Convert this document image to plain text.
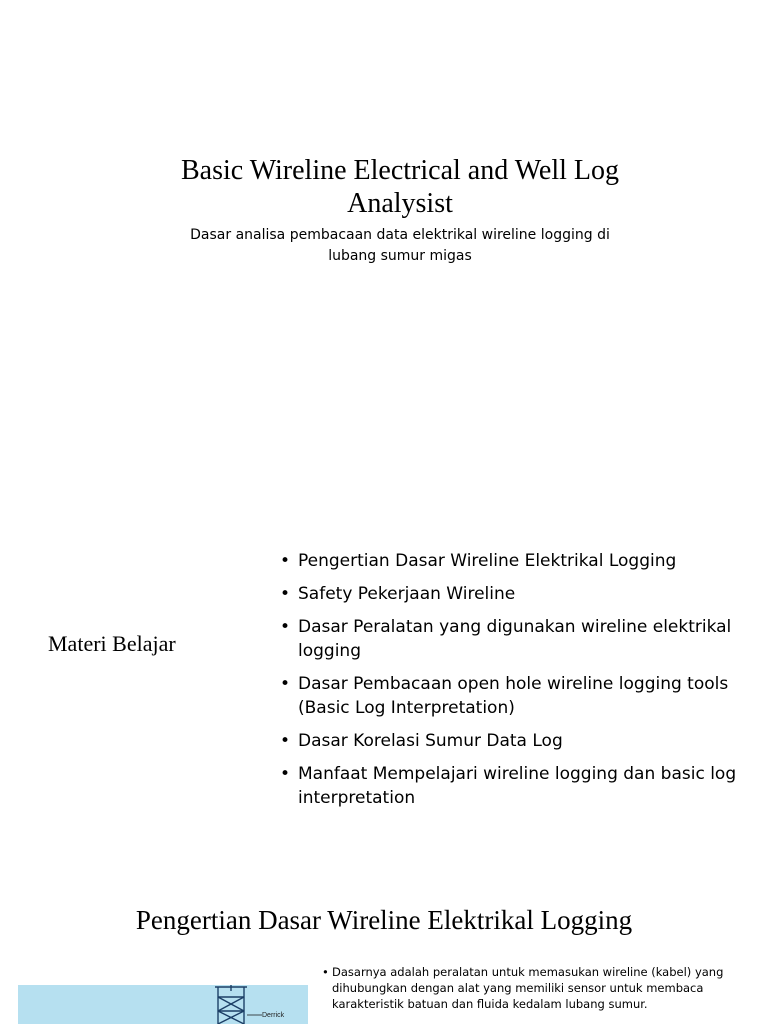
Basic Wireline Electrical and Well Log Analysist
Dasar analisa pembacaan data elektrikal wireline logging di lubang sumur migas
Materi Belajar
• Pengertian Dasar Wireline Elektrikal Logging
• Safety Pekerjaan Wireline
• Dasar Peralatan yang digunakan wireline elektrikal logging
• Dasar Pembacaan open hole wireline logging tools (Basic Log Interpretation)
• Dasar Korelasi Sumur Data Log
• Manfaat Mempelajari wireline logging dan basic log interpretation
Pengertian Dasar Wireline Elektrikal Logging
Derrick
• Dasarnya adalah peralatan untuk memasukan wireline (kabel) yang dihubungkan dengan alat yang memiliki sensor untuk membaca karakteristik batuan dan fluida kedalam lubang sumur.
